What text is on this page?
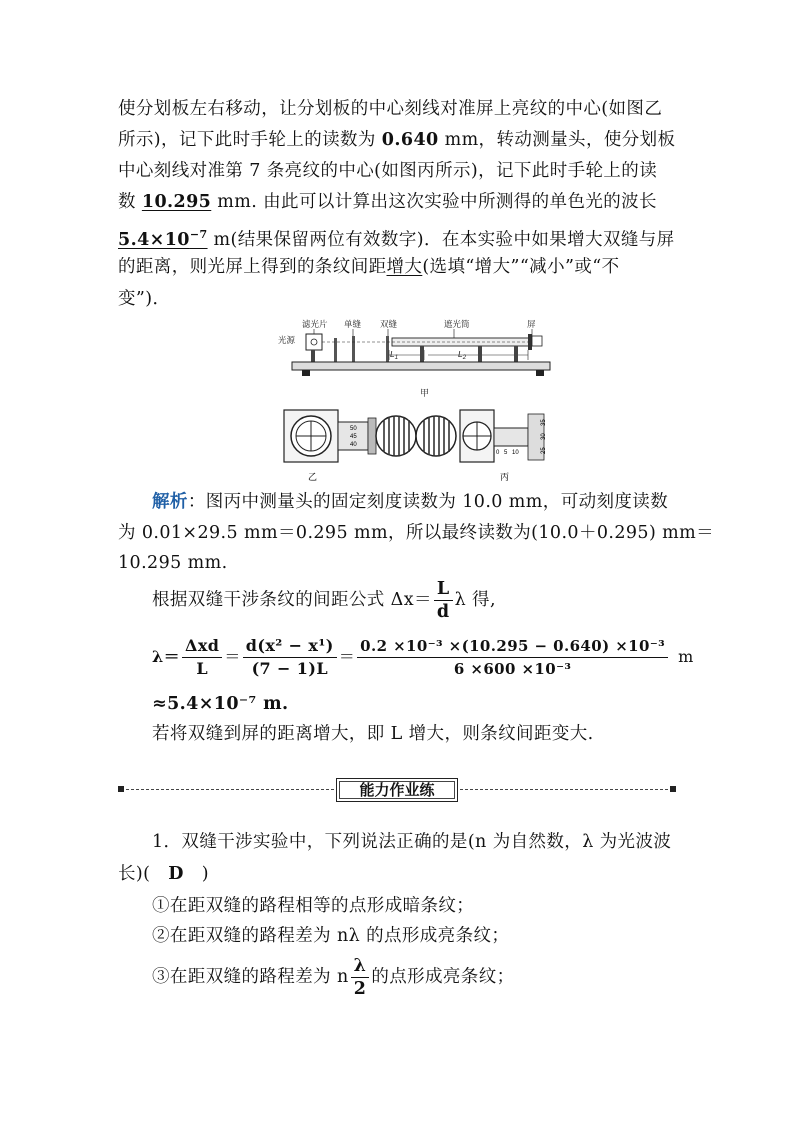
使分划板左右移动，让分划板的中心刻线对准屏上亮纹的中心(如图乙
所示)，记下此时手轮上的读数为 0.640 mm，转动测量头，使分划板
中心刻线对准第 7 条亮纹的中心(如图丙所示)，记下此时手轮上的读
数 10.295 mm. 由此可以计算出这次实验中所测得的单色光的波长
$5.4\times 10^{-7}$ m(结果保留两位有效数字)．在本实验中如果增大双缝与屏
的距离，则光屏上得到的条纹间距增大(选填“增大”“减小”或“不
变”)．
滤光片 单缝 双缝	遮光筒	屏
光源
$L_1$	$L_2$
甲
50
45
40
乙
0 5 10
35
30
25
丙
解析：图丙中测量头的固定刻度读数为 10.0 mm，可动刻度读数
为 0.01×29.5 mm＝0.295 mm，所以最终读数为(10.0＋0.295) mm＝
10.295 mm.
根据双缝干涉条纹的间距公式 $\Delta x= \frac{L}{d}$ λ 得,
$\lambda= \frac{\text{Δxd}}{L} = \frac{\text{d(x² − x¹)}}{(7 - 1)L} = \frac{\text{0.2 ×10⁻³ ×(10.295 − 0.640) ×10⁻³}}{\text{6 ×600 ×10⁻³}}$ m
≈5.4×10⁻⁷ m.
若将双缝到屏的距离增大，即 L 增大，则条纹间距变大.
能力作业练
1．双缝干涉实验中，下列说法正确的是(n 为自然数，λ 为光波波
长)(　D　)
①在距双缝的路程相等的点形成暗条纹；
②在距双缝的路程差为 nλ 的点形成亮条纹；
③在距双缝的路程差为 n $\frac{\lambda}{2}$ 的点形成亮条纹；
